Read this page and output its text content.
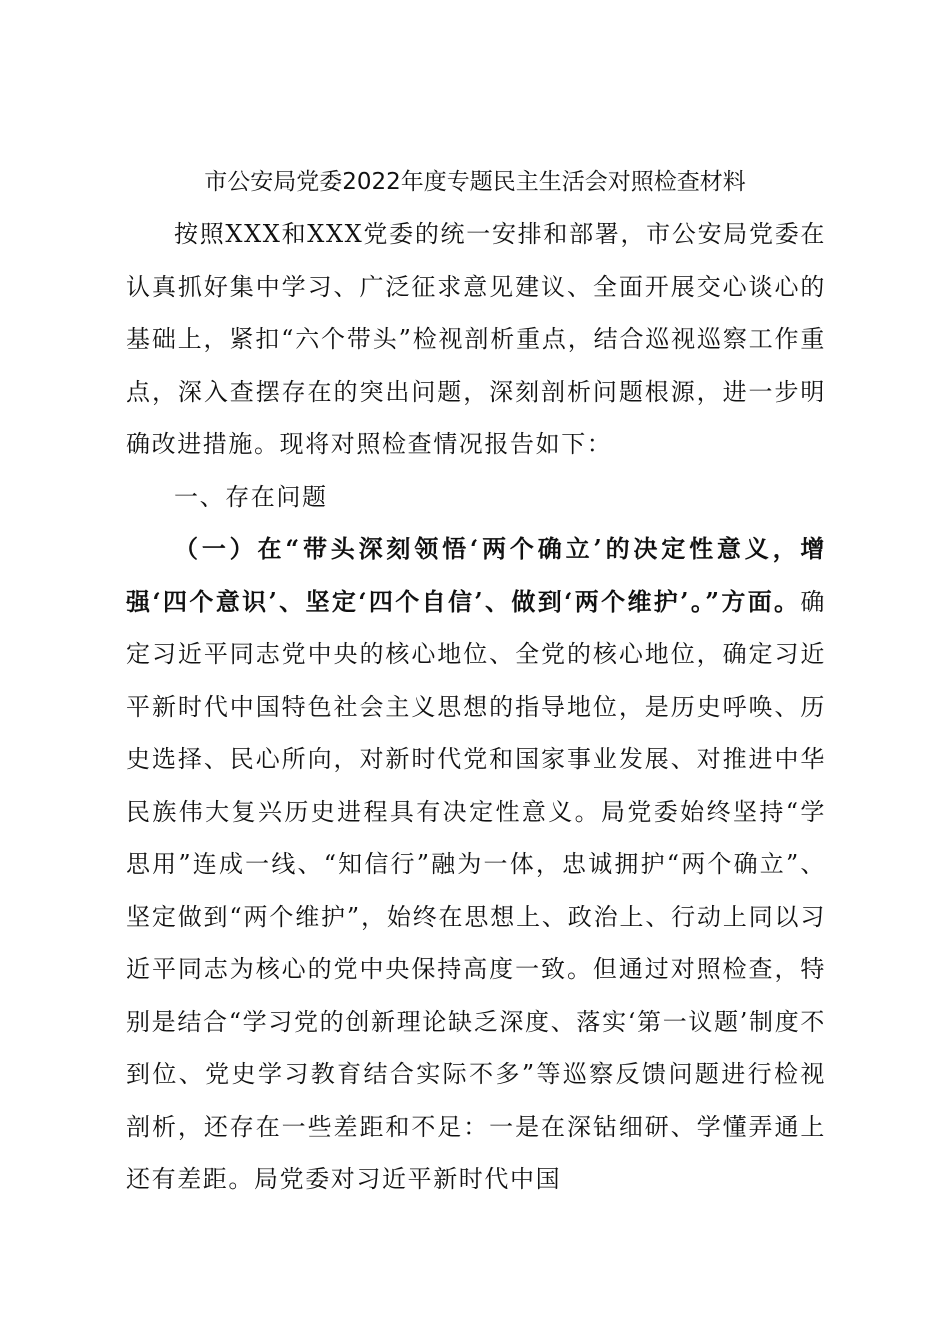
市公安局党委2022年度专题民主生活会对照检查材料

按照XXX和XXX党委的统一安排和部署，市公安局党委在认真抓好集中学习、广泛征求意见建议、全面开展交心谈心的基础上，紧扣“六个带头”检视剖析重点，结合巡视巡察工作重点，深入查摆存在的突出问题，深刻剖析问题根源，进一步明确改进措施。现将对照检查情况报告如下：

一、存在问题

（一）在“带头深刻领悟‘两个确立’的决定性意义，增强‘四个意识’、坚定‘四个自信’、做到‘两个维护’。”方面。确定习近平同志党中央的核心地位、全党的核心地位，确定习近平新时代中国特色社会主义思想的指导地位，是历史呼唤、历史选择、民心所向，对新时代党和国家事业发展、对推进中华民族伟大复兴历史进程具有决定性意义。局党委始终坚持“学思用”连成一线、“知信行”融为一体，忠诚拥护“两个确立”、坚定做到“两个维护”，始终在思想上、政治上、行动上同以习近平同志为核心的党中央保持高度一致。但通过对照检查，特别是结合“学习党的创新理论缺乏深度、落实‘第一议题’制度不到位、党史学习教育结合实际不多”等巡察反馈问题进行检视剖析，还存在一些差距和不足：一是在深钻细研、学懂弄通上还有差距。局党委对习近平新时代中国
